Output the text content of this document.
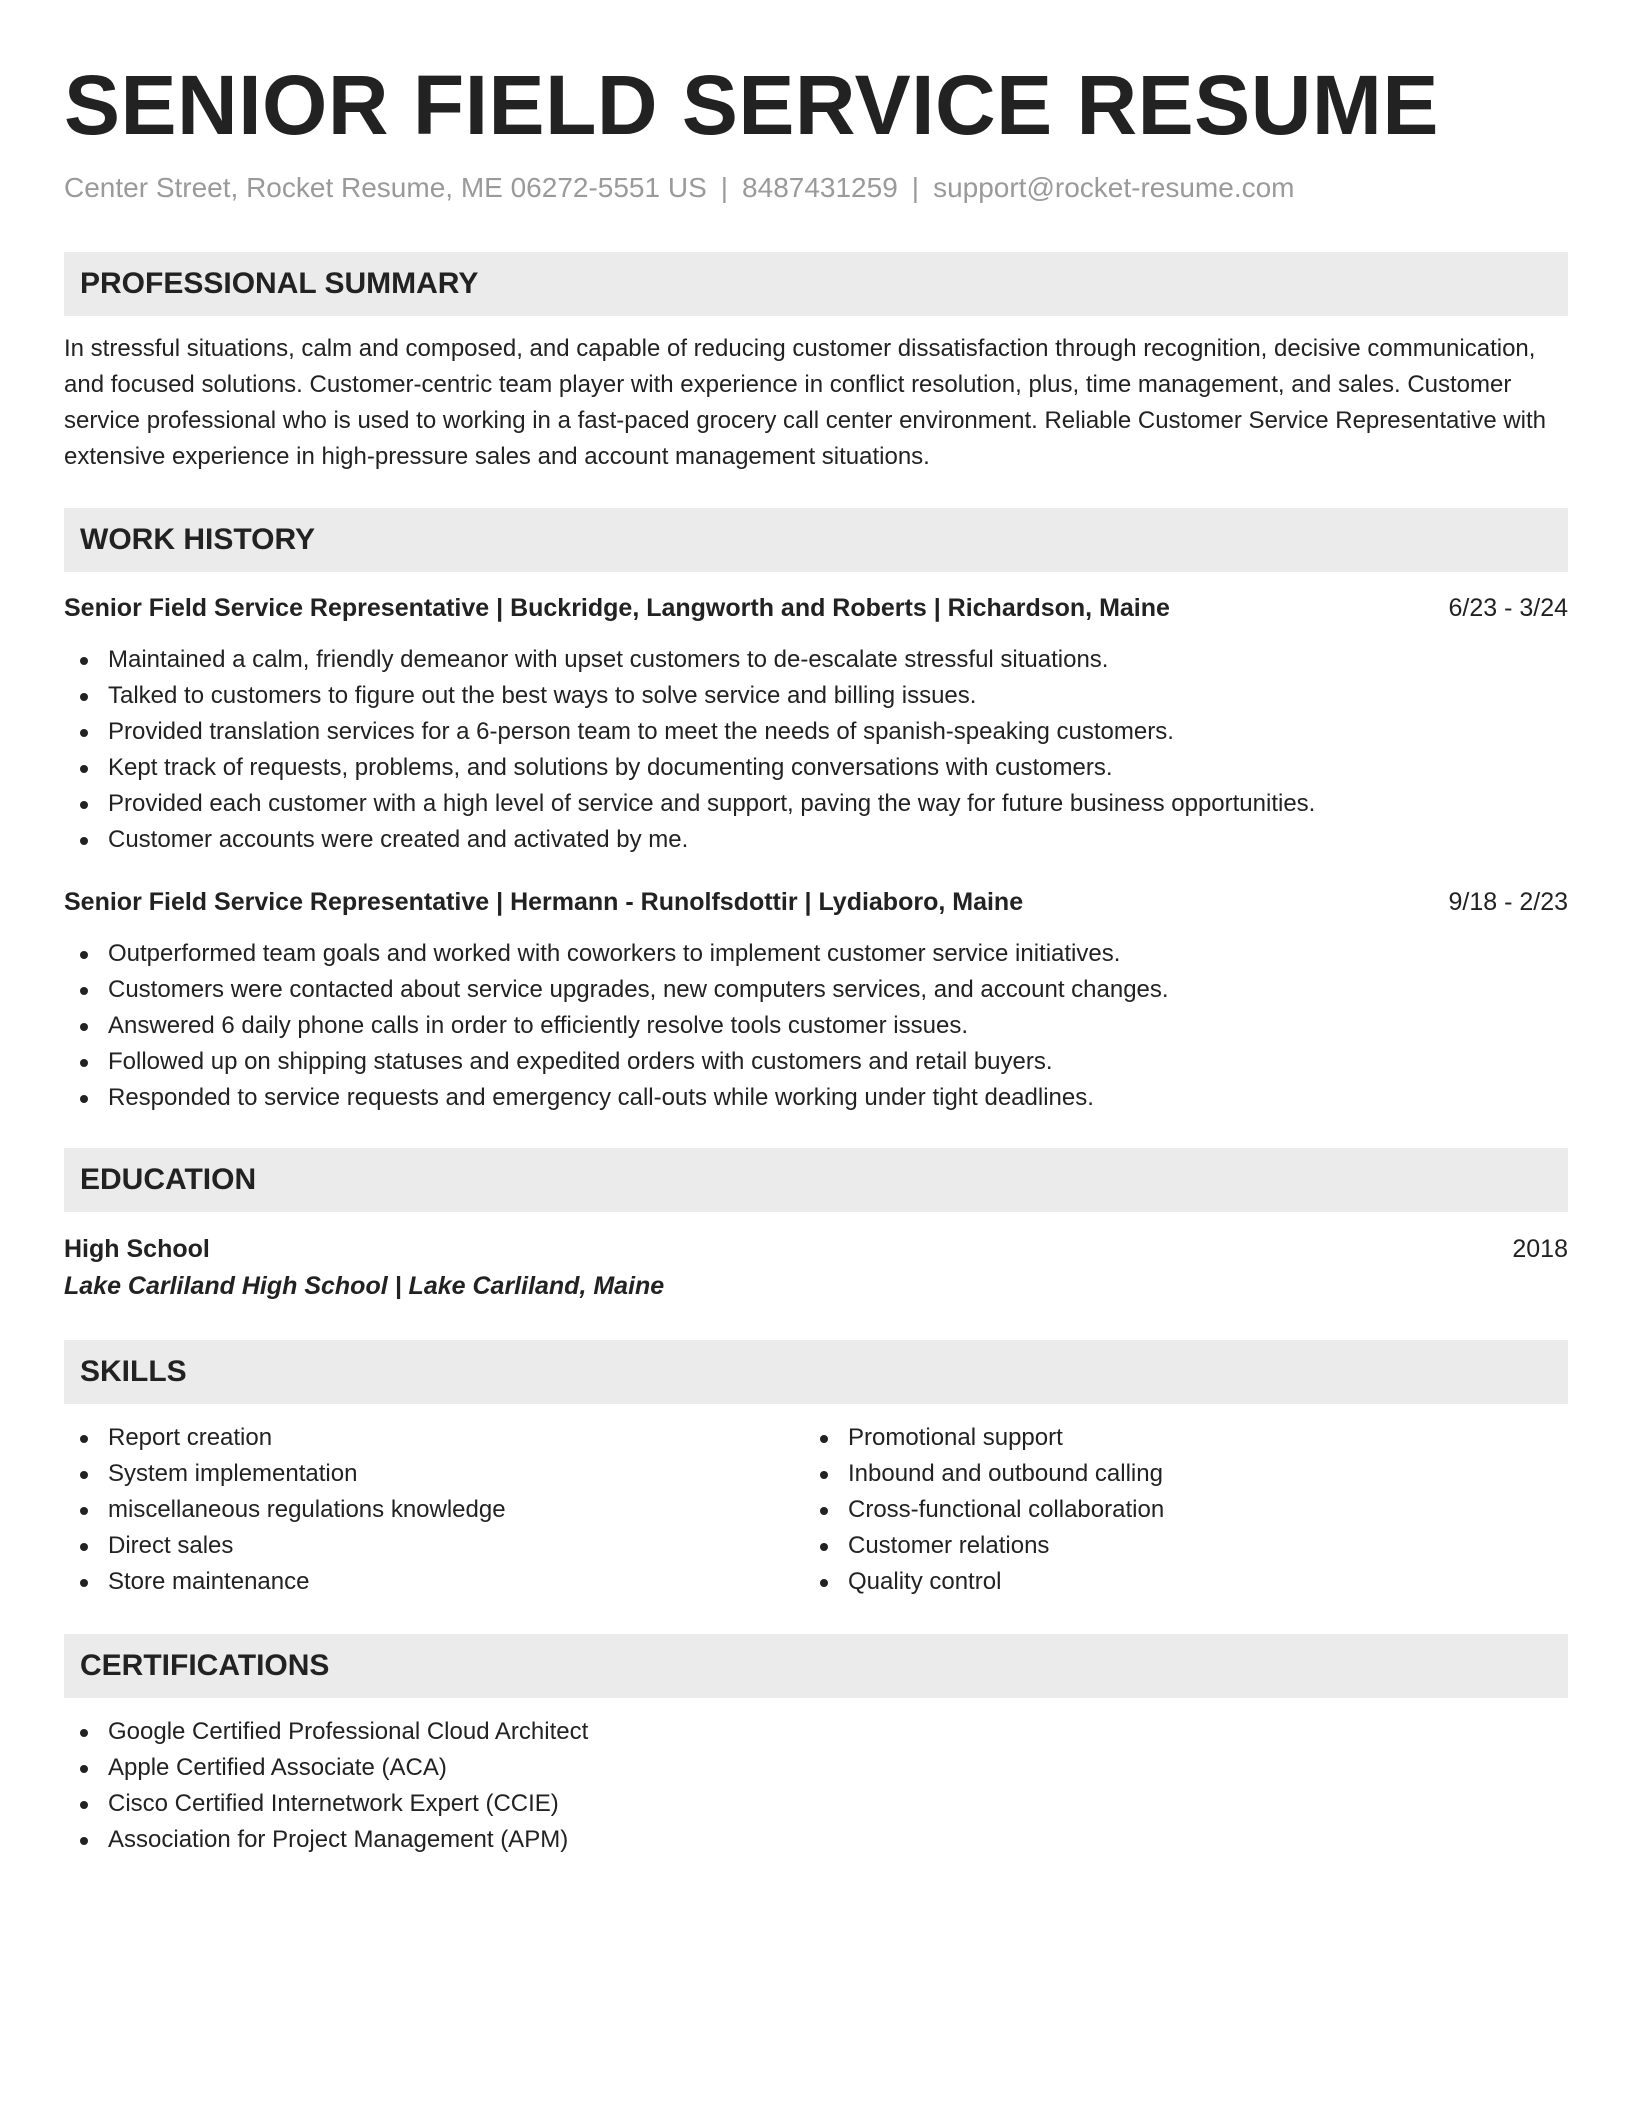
SENIOR FIELD SERVICE RESUME
Center Street, Rocket Resume, ME 06272-5551 US | 8487431259 | support@rocket-resume.com
PROFESSIONAL SUMMARY

In stressful situations, calm and composed, and capable of reducing customer dissatisfaction through recognition, decisive communication, and focused solutions. Customer-centric team player with experience in conflict resolution, plus, time management, and sales. Customer service professional who is used to working in a fast-paced grocery call center environment. Reliable Customer Service Representative with extensive experience in high-pressure sales and account management situations.

WORK HISTORY
Senior Field Service Representative | Buckridge, Langworth and Roberts | Richardson, Maine	6/23 - 3/24
Maintained a calm, friendly demeanor with upset customers to de-escalate stressful situations.
Talked to customers to figure out the best ways to solve service and billing issues.
Provided translation services for a 6-person team to meet the needs of spanish-speaking customers.
Kept track of requests, problems, and solutions by documenting conversations with customers.
Provided each customer with a high level of service and support, paving the way for future business opportunities.
Customer accounts were created and activated by me.
Senior Field Service Representative | Hermann - Runolfsdottir | Lydiaboro, Maine	9/18 - 2/23
Outperformed team goals and worked with coworkers to implement customer service initiatives.
Customers were contacted about service upgrades, new computers services, and account changes.
Answered 6 daily phone calls in order to efficiently resolve tools customer issues.
Followed up on shipping statuses and expedited orders with customers and retail buyers.
Responded to service requests and emergency call-outs while working under tight deadlines.
EDUCATION
High School	2018
Lake Carliland High School | Lake Carliland, Maine
SKILLS
Report creation
System implementation
miscellaneous regulations knowledge
Direct sales
Store maintenance
Promotional support
Inbound and outbound calling
Cross-functional collaboration
Customer relations
Quality control
CERTIFICATIONS
Google Certified Professional Cloud Architect
Apple Certified Associate (ACA)
Cisco Certified Internetwork Expert (CCIE)
Association for Project Management (APM)
